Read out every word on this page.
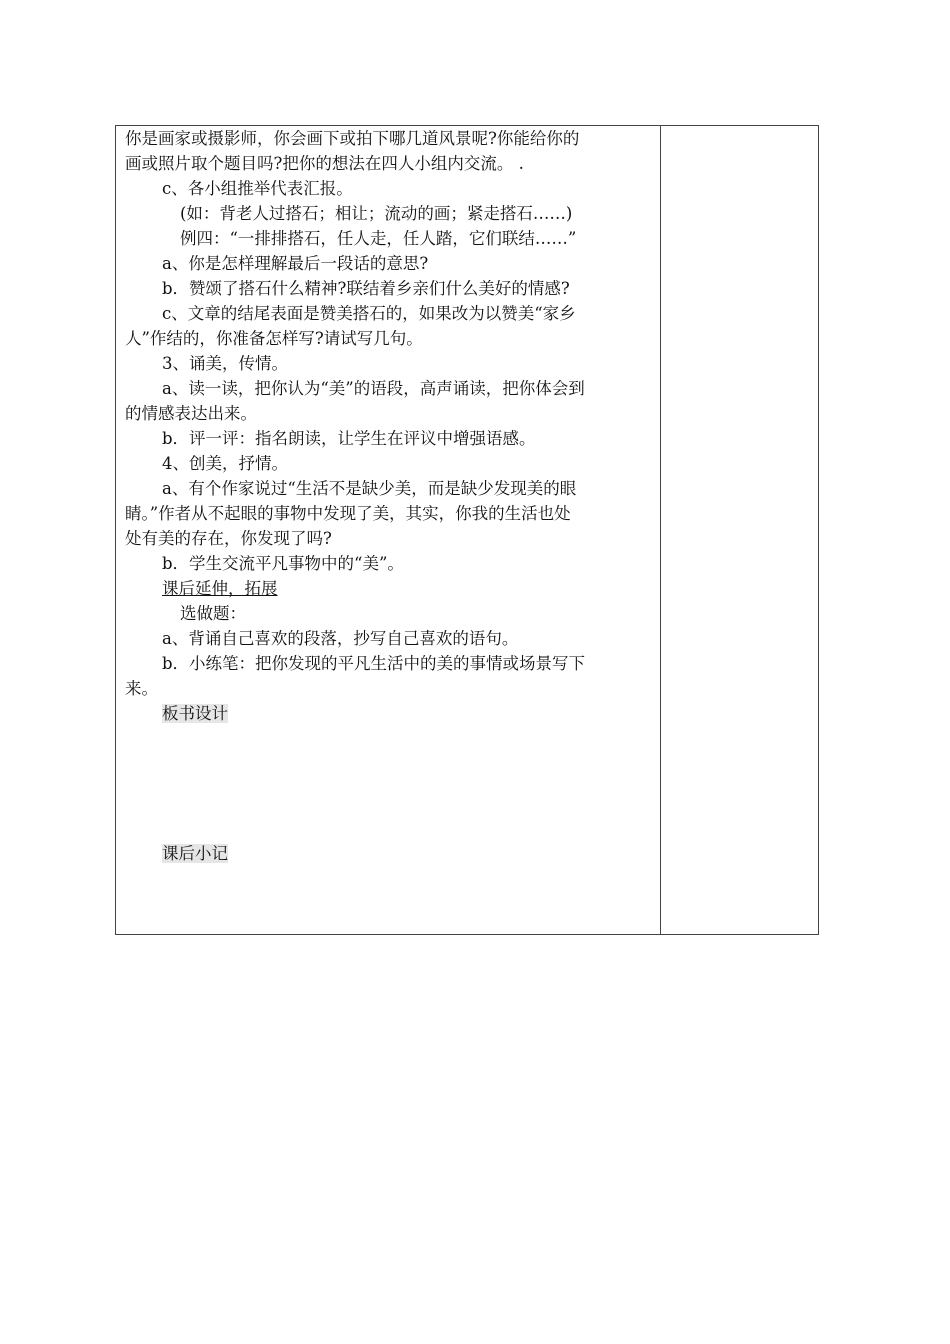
你是画家或摄影师，你会画下或拍下哪几道风景呢?你能给你的
画或照片取个题目吗?把你的想法在四人小组内交流。 .
c、各小组推举代表汇报。
(如：背老人过搭石；相让；流动的画；紧走搭石……)
例四：“一排排搭石，任人走，任人踏，它们联结……”
a、你是怎样理解最后一段话的意思?
b．赞颂了搭石什么精神?联结着乡亲们什么美好的情感?
c、文章的结尾表面是赞美搭石的，如果改为以赞美“家乡
人”作结的，你准备怎样写?请试写几句。
3、诵美，传情。
a、读一读，把你认为“美”的语段，高声诵读，把你体会到
的情感表达出来。
b．评一评：指名朗读，让学生在评议中增强语感。
4、创美，抒情。
a、有个作家说过“生活不是缺少美，而是缺少发现美的眼
睛。”作者从不起眼的事物中发现了美，其实，你我的生活也处
处有美的存在，你发现了吗?
b．学生交流平凡事物中的“美”。
课后延伸，拓展
选做题：
a、背诵自己喜欢的段落，抄写自己喜欢的语句。
b．小练笔：把你发现的平凡生活中的美的事情或场景写下
来。
板书设计
课后小记
